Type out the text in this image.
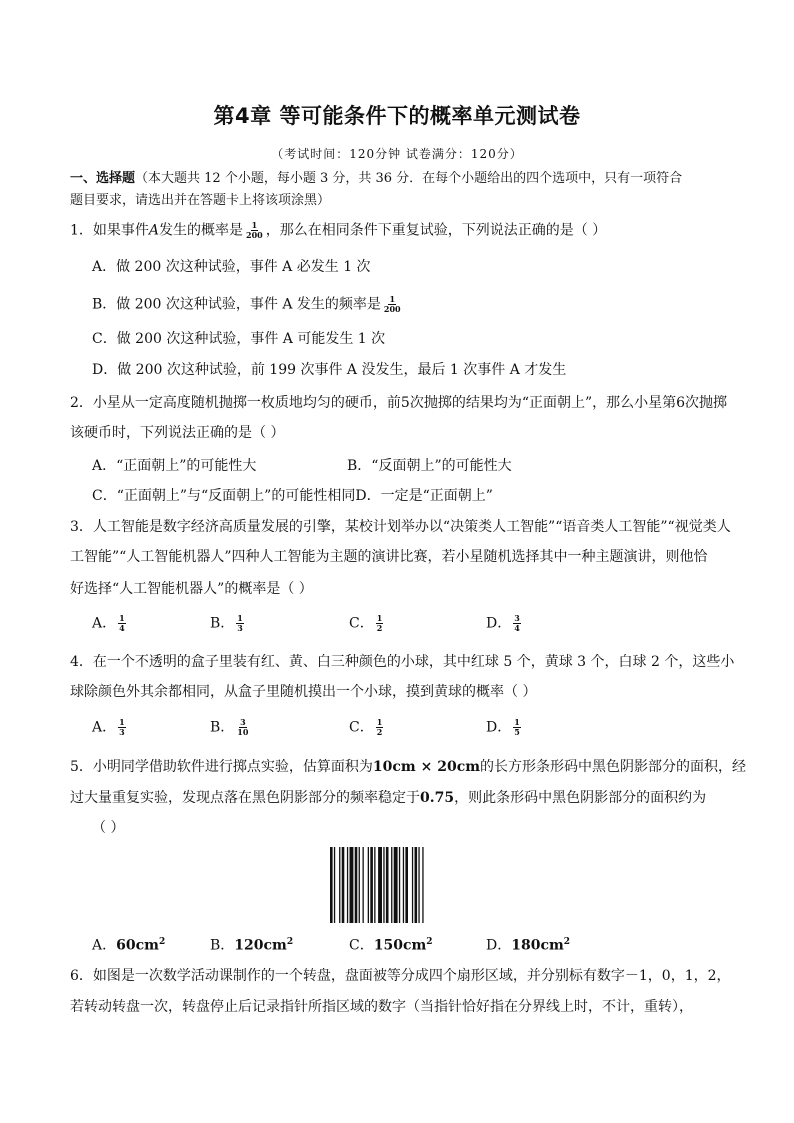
第4章 等可能条件下的概率单元测试卷
（考试时间：120分钟 试卷满分：120分）
一、选择题（本大题共 12 个小题，每小题 3 分，共 36 分．在每个小题给出的四个选项中，只有一项符合
题目要求，请选出并在答题卡上将该项涂黑）
1．如果事件A发生的概率是 $\frac{1}{200}$ ，那么在相同条件下重复试验，下列说法正确的是（ ）
A．做 200 次这种试验，事件 A 必发生 1 次
B．做 200 次这种试验，事件 A 发生的频率是 $\frac{1}{200}$
C．做 200 次这种试验，事件 A 可能发生 1 次
D．做 200 次这种试验，前 199 次事件 A 没发生，最后 1 次事件 A 才发生
2．小星从一定高度随机抛掷一枚质地均匀的硬币，前5次抛掷的结果均为“正面朝上”，那么小星第6次抛掷
该硬币时，下列说法正确的是（ ）
A．“正面朝上”的可能性大	B．“反面朝上”的可能性大
C．“正面朝上”与“反面朝上”的可能性相同D．一定是“正面朝上”
3．人工智能是数字经济高质量发展的引擎，某校计划举办以“决策类人工智能”“语音类人工智能”“视觉类人
工智能”“人工智能机器人”四种人工智能为主题的演讲比赛，若小星随机选择其中一种主题演讲，则他恰
好选择“人工智能机器人”的概率是（ ）
A． $\frac{1}{4}$	B． $\frac{1}{3}$	C． $\frac{1}{2}$	D． $\frac{3}{4}$
4．在一个不透明的盒子里装有红、黄、白三种颜色的小球，其中红球 5 个，黄球 3 个，白球 2 个，这些小
球除颜色外其余都相同，从盒子里随机摸出一个小球，摸到黄球的概率（ ）
A． $\frac{1}{3}$	B． $\frac{3}{10}$	C． $\frac{1}{2}$	D． $\frac{1}{5}$
5．小明同学借助软件进行掷点实验，估算面积为10cm × 20cm的长方形条形码中黑色阴影部分的面积，经
过大量重复实验，发现点落在黑色阴影部分的频率稳定于0.75，则此条形码中黑色阴影部分的面积约为
（ ）
A．$60cm^2$	B．$120cm^2$	C．$150cm^2$	D．$180cm^2$
6．如图是一次数学活动课制作的一个转盘，盘面被等分成四个扇形区域，并分别标有数字－1，0，1，2，
若转动转盘一次，转盘停止后记录指针所指区域的数字（当指针恰好指在分界线上时，不计，重转），
